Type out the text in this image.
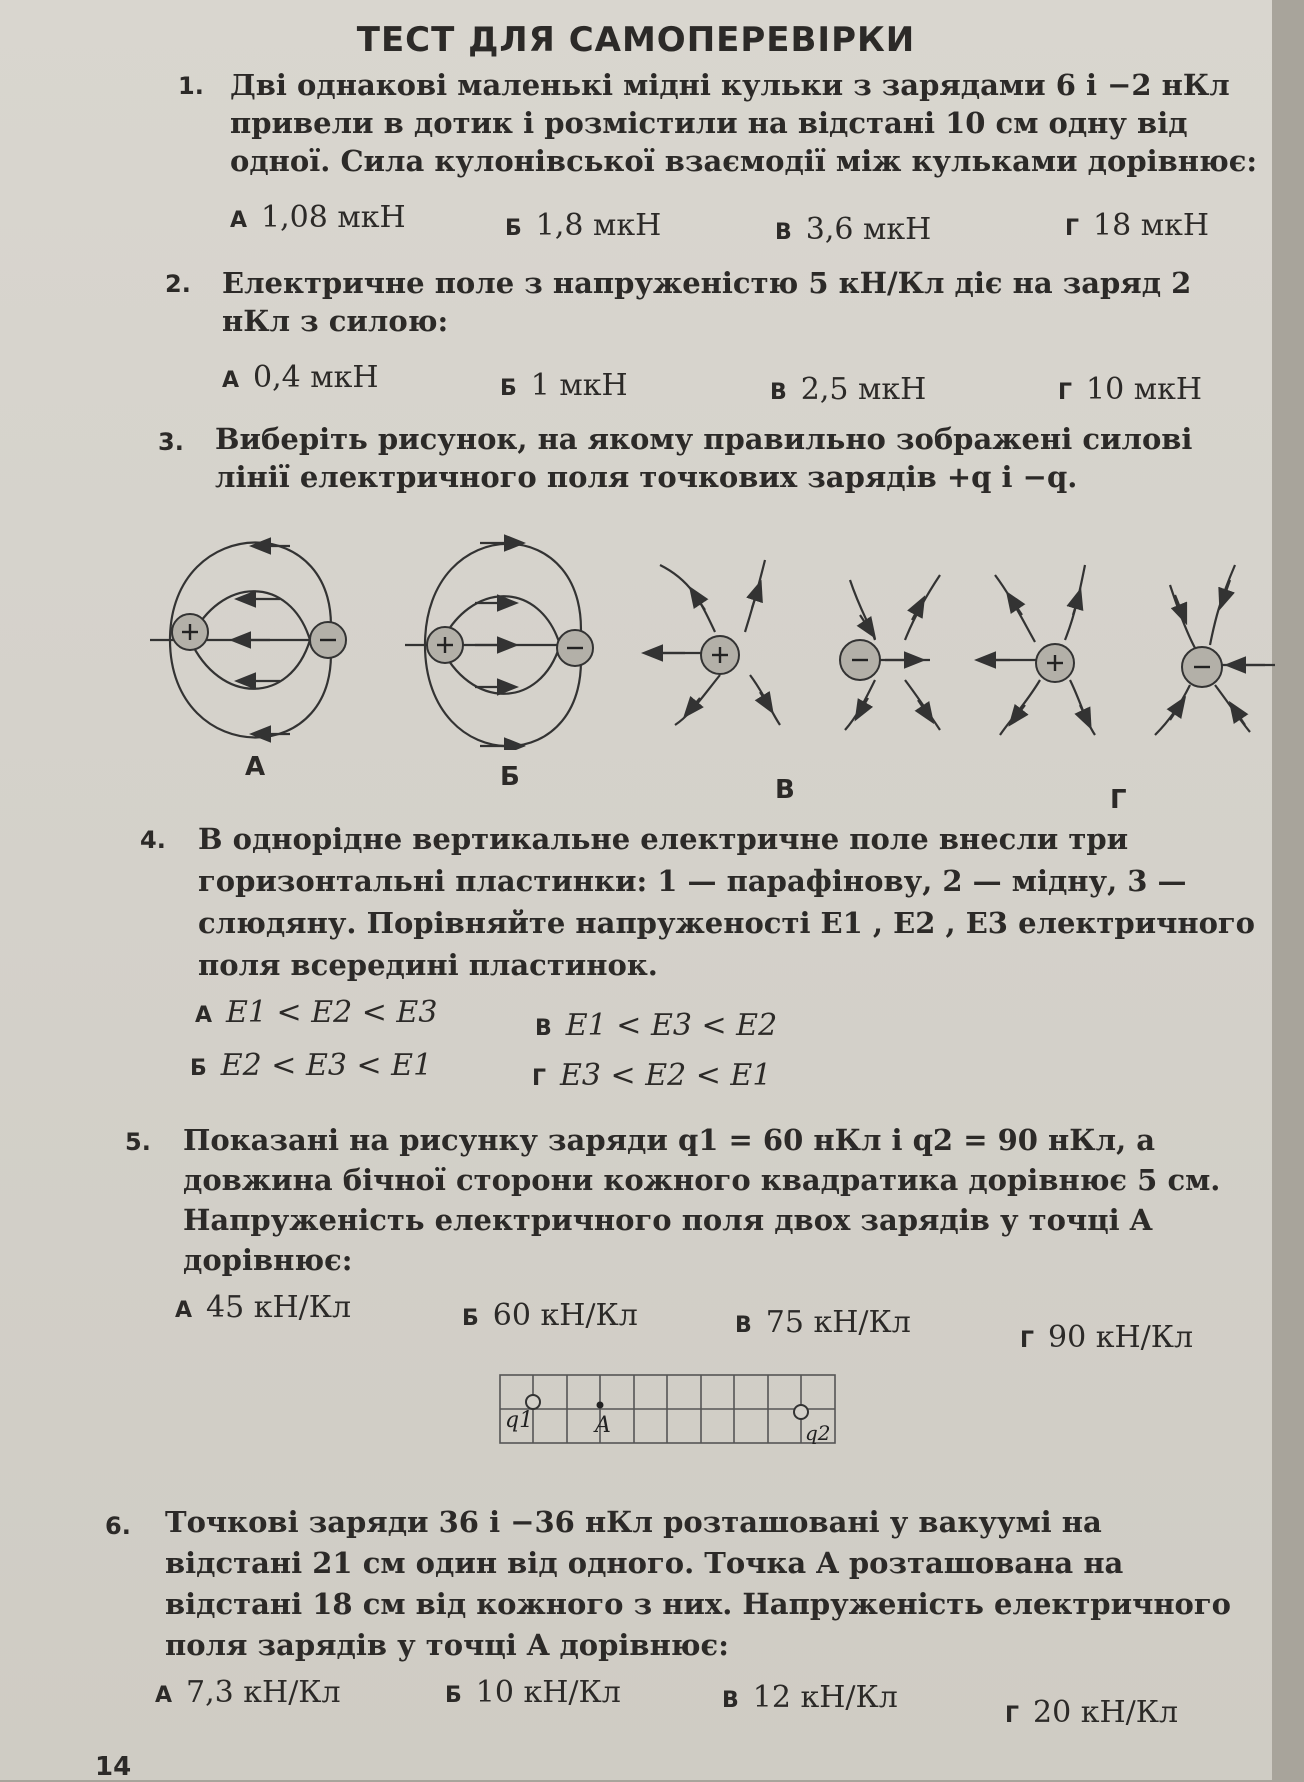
ТЕСТ ДЛЯ САМОПЕРЕВІРКИ
1. Дві однакові маленькі мідні кульки з зарядами 6 і −2 нКл привели в дотик і розмістили на відстані 10 см одну від одної. Сила кулонівської взаємодії між кульками дорівнює:
А 1,08 мкН	Б 1,8 мкН	В 3,6 мкН	Г 18 мкН
2. Електричне поле з напруженістю 5 кН/Кл діє на заряд 2 нКл з силою:
А 0,4 мкН	Б 1 мкН	В 2,5 мкН	Г 10 мкН
3. Виберіть рисунок, на якому правильно зображені силові лінії електричного поля точкових зарядів +q і −q.
А	Б	В	Г
4. В однорідне вертикальне електричне поле внесли три горизонтальні пластинки: 1 — парафінову, 2 — мідну, 3 — слюдяну. Порівняйте напруженості E1 , E2 , E3 електричного поля всередині пластинок.
А E1 < E2 < E3
Б E2 < E3 < E1
В E1 < E3 < E2
Г E3 < E2 < E1
5. Показані на рисунку заряди q1 = 60 нКл і q2 = 90 нКл, а довжина бічної сторони кожного квадратика дорівнює 5 см. Напруженість електричного поля двох зарядів у точці A дорівнює:
А 45 кН/Кл	Б 60 кН/Кл	В 75 кН/Кл
Г 90 кН/Кл
q1	A	q2
6. Точкові заряди 36 і −36 нКл розташовані у вакуумі на відстані 21 см один від одного. Точка A розташована на відстані 18 см від кожного з них. Напруженість електричного поля зарядів у точці A дорівнює:
А 7,3 кН/Кл	Б 10 кН/Кл	В 12 кН/Кл
Г 20 кН/Кл
14
